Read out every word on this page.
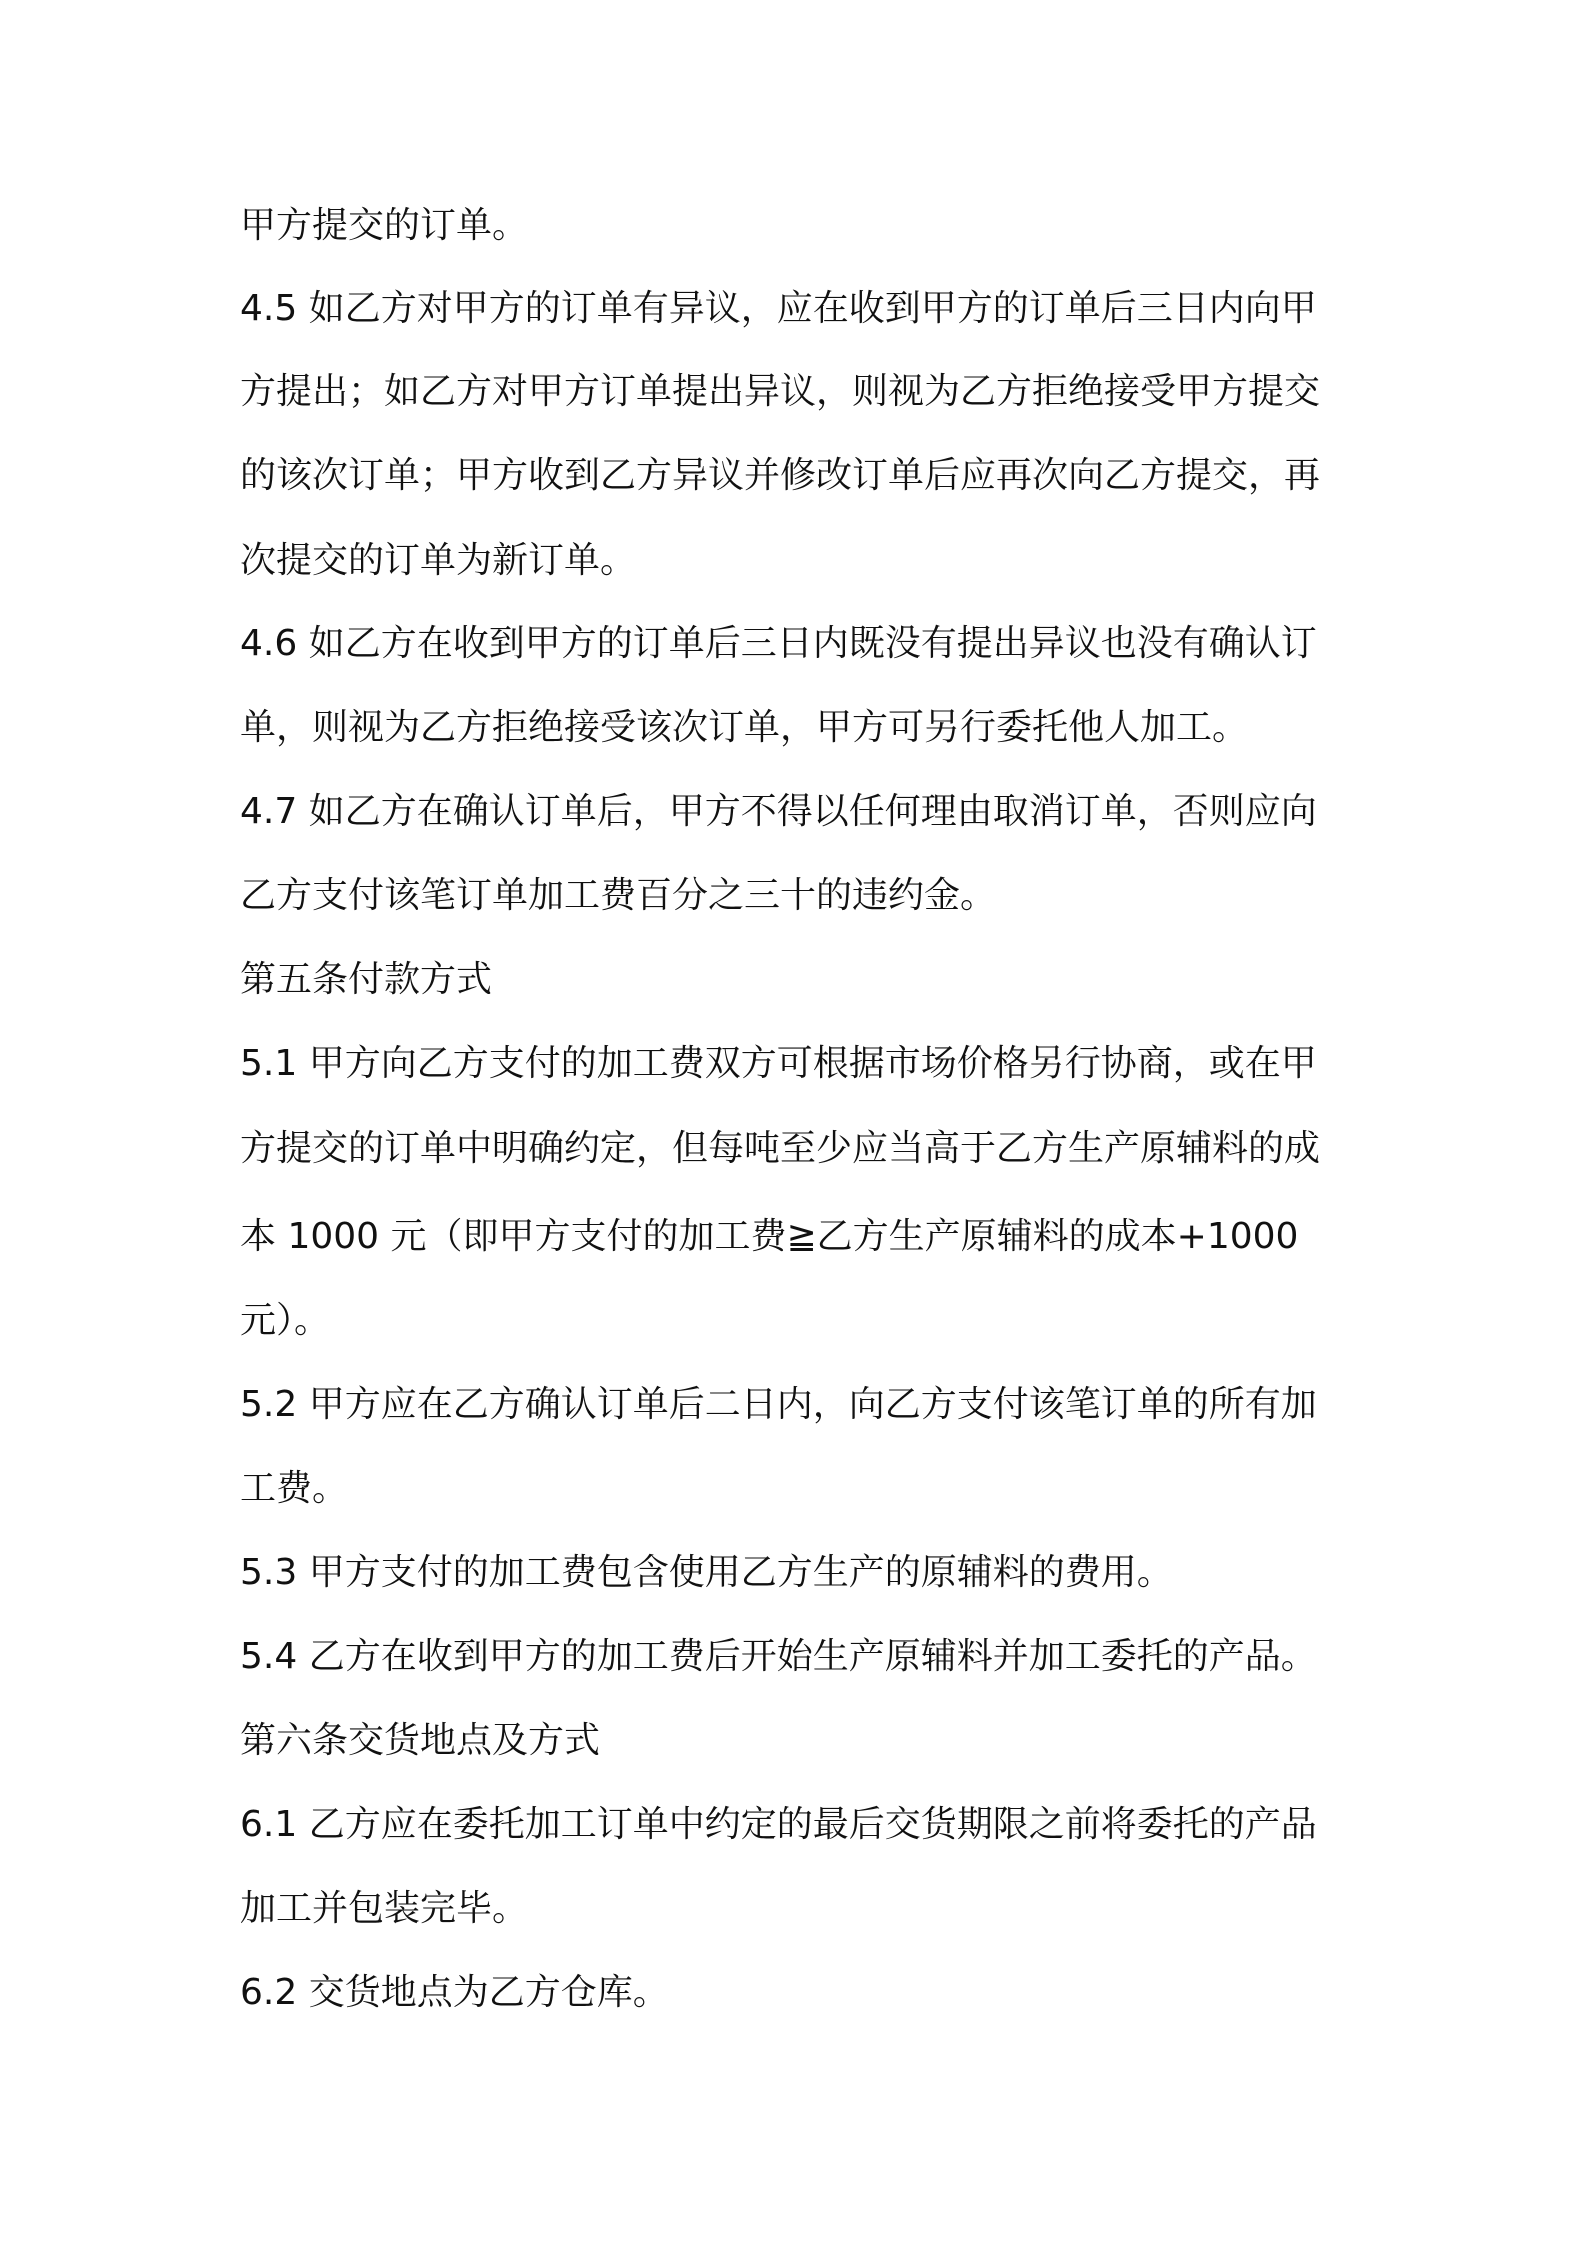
甲方提交的订单。
4.5 如乙方对甲方的订单有异议，应在收到甲方的订单后三日内向甲
方提出；如乙方对甲方订单提出异议，则视为乙方拒绝接受甲方提交
的该次订单；甲方收到乙方异议并修改订单后应再次向乙方提交，再
次提交的订单为新订单。
4.6 如乙方在收到甲方的订单后三日内既没有提出异议也没有确认订
单，则视为乙方拒绝接受该次订单，甲方可另行委托他人加工。
4.7 如乙方在确认订单后，甲方不得以任何理由取消订单，否则应向
乙方支付该笔订单加工费百分之三十的违约金。
第五条付款方式
5.1 甲方向乙方支付的加工费双方可根据市场价格另行协商，或在甲
方提交的订单中明确约定，但每吨至少应当高于乙方生产原辅料的成
本 1000 元（即甲方支付的加工费≧乙方生产原辅料的成本+1000
元）。
5.2 甲方应在乙方确认订单后二日内，向乙方支付该笔订单的所有加
工费。
5.3 甲方支付的加工费包含使用乙方生产的原辅料的费用。
5.4 乙方在收到甲方的加工费后开始生产原辅料并加工委托的产品。
第六条交货地点及方式
6.1 乙方应在委托加工订单中约定的最后交货期限之前将委托的产品
加工并包装完毕。
6.2 交货地点为乙方仓库。
